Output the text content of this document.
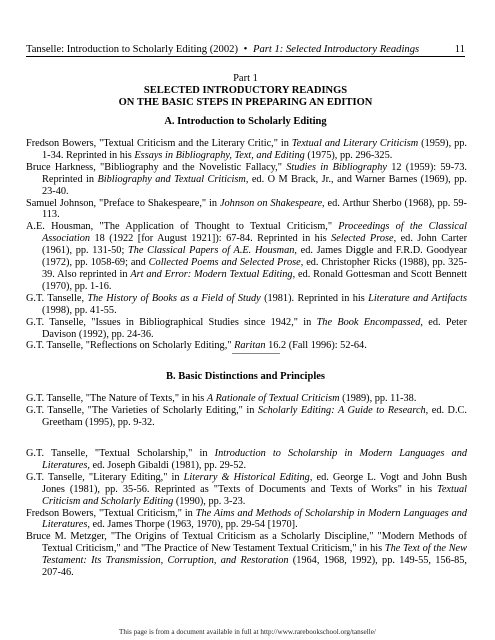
Tanselle: Introduction to Scholarly Editing (2002) • Part 1: Selected Introductory Readings	11
Part 1
SELECTED INTRODUCTORY READINGS
ON THE BASIC STEPS IN PREPARING AN EDITION
A. Introduction to Scholarly Editing

Fredson Bowers, "Textual Criticism and the Literary Critic," in Textual and Literary Criticism (1959), pp. 1-34. Reprinted in his Essays in Bibliography, Text, and Editing (1975), pp. 296-325.

Bruce Harkness, "Bibliography and the Novelistic Fallacy," Studies in Bibliography 12 (1959): 59-73. Reprinted in Bibliography and Textual Criticism, ed. O M Brack, Jr., and Warner Barnes (1969), pp. 23-40.

Samuel Johnson, "Preface to Shakespeare," in Johnson on Shakespeare, ed. Arthur Sherbo (1968), pp. 59-113.

A.E. Housman, "The Application of Thought to Textual Criticism," Proceedings of the Classical Association 18 (1922 [for August 1921]): 67-84. Reprinted in his Selected Prose, ed. John Carter (1961), pp. 131-50; The Classical Papers of A.E. Housman, ed. James Diggle and F.R.D. Goodyear (1972), pp. 1058-69; and Collected Poems and Selected Prose, ed. Christopher Ricks (1988), pp. 325-39. Also reprinted in Art and Error: Modern Textual Editing, ed. Ronald Gottesman and Scott Bennett (1970), pp. 1-16.

G.T. Tanselle, The History of Books as a Field of Study (1981). Reprinted in his Literature and Artifacts (1998), pp. 41-55.

G.T. Tanselle, "Issues in Bibliographical Studies since 1942," in The Book Encompassed, ed. Peter Davison (1992), pp. 24-36.

G.T. Tanselle, "Reflections on Scholarly Editing," Raritan 16.2 (Fall 1996): 52-64.

B. Basic Distinctions and Principles

G.T. Tanselle, "The Nature of Texts," in his A Rationale of Textual Criticism (1989), pp. 11-38.

G.T. Tanselle, "The Varieties of Scholarly Editing," in Scholarly Editing: A Guide to Research, ed. D.C. Greetham (1995), pp. 9-32.

G.T. Tanselle, "Textual Scholarship," in Introduction to Scholarship in Modern Languages and Literatures, ed. Joseph Gibaldi (1981), pp. 29-52.

G.T. Tanselle, "Literary Editing," in Literary & Historical Editing, ed. George L. Vogt and John Bush Jones (1981), pp. 35-56. Reprinted as "Texts of Documents and Texts of Works" in his Textual Criticism and Scholarly Editing (1990), pp. 3-23.

Fredson Bowers, "Textual Criticism," in The Aims and Methods of Scholarship in Modern Languages and Literatures, ed. James Thorpe (1963, 1970), pp. 29-54 [1970].

Bruce M. Metzger, "The Origins of Textual Criticism as a Scholarly Discipline," "Modern Methods of Textual Criticism," and "The Practice of New Testament Textual Criticism," in his The Text of the New Testament: Its Transmission, Corruption, and Restoration (1964, 1968, 1992), pp. 149-55, 156-85, 207-46.

This page is from a document available in full at http://www.rarebookschool.org/tanselle/
